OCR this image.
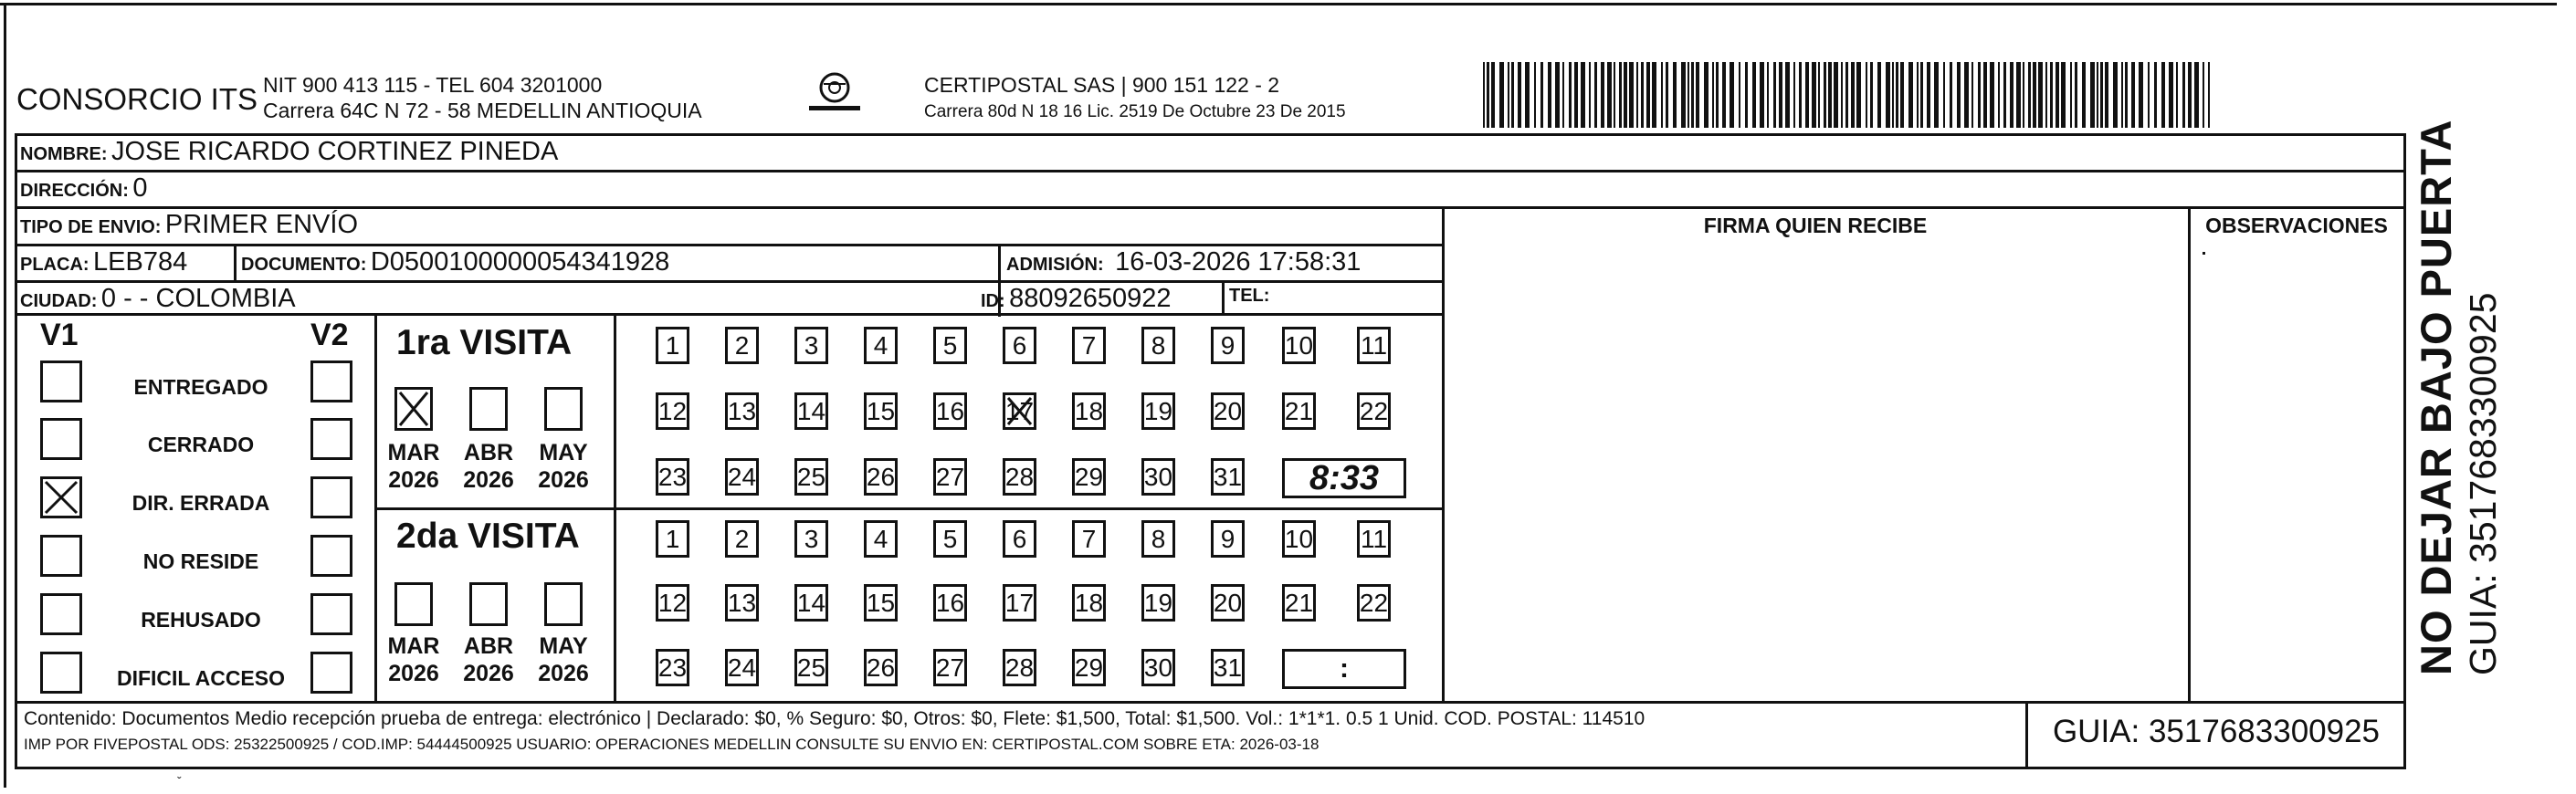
CONSORCIO ITS NIT 900 413 115 - TEL 604 3201000
Carrera 64C N 72 - 58 MEDELLIN ANTIOQUIA
CERTIPOSTAL SAS | 900 151 122 - 2
Carrera 80d N 18 16 Lic. 2519 De Octubre 23 De 2015
NOMBRE: JOSE RICARDO CORTINEZ PINEDA
DIRECCIÓN: 0
TIPO DE ENVIO: PRIMER ENVÍO
PLACA: LEB784	DOCUMENTO: D0500100000054341928	ADMISIÓN: 16-03-2026 17:58:31
CIUDAD: 0 - - COLOMBIA	ID: 88092650922	TEL:
FIRMA QUIEN RECIBE	OBSERVACIONES
V1	V2
ENTREGADO
CERRADO
DIR. ERRADA
NO RESIDE
REHUSADO
DIFICIL ACCESO
1ra VISITA
2da VISITA
MAR
2026
ABR
2026
MAY
2026
1 2 3 4 5 6 7 8 9 10 11
12 13 14 15 16 17 18 19 20 21 22
23 24 25 26 27 28 29 30 31	8:33
MAR
2026
ABR
2026
MAY
2026
1 2 3 4 5 6 7 8 9 10 11
12 13 14 15 16 17 18 19 20 21 22
23 24 25 26 27 28 29 30 31	:
Contenido: Documentos Medio recepción prueba de entrega: electrónico | Declarado: $0, % Seguro: $0, Otros: $0, Flete: $1,500, Total: $1,500. Vol.: 1*1*1. 0.5 1 Unid. COD. POSTAL: 114510
IMP POR FIVEPOSTAL ODS: 25322500925 / COD.IMP: 54444500925 USUARIO: OPERACIONES MEDELLIN CONSULTE SU ENVIO EN: CERTIPOSTAL.COM SOBRE ETA: 2026-03-18	GUIA: 3517683300925
NO DEJAR BAJO PUERTA GUIA: 3517683300925
ˇ
